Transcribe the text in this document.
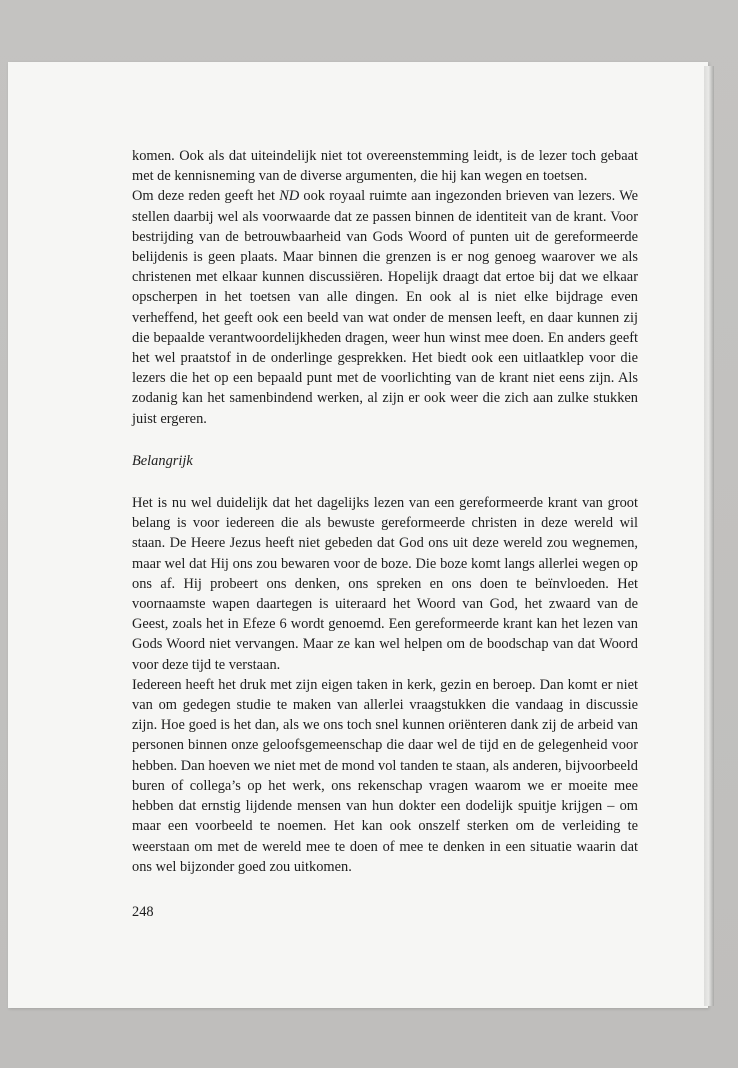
komen. Ook als dat uiteindelijk niet tot overeenstemming leidt, is de lezer toch gebaat met de kennisneming van de diverse argumenten, die hij kan wegen en toetsen.

Om deze reden geeft het ND ook royaal ruimte aan ingezonden brieven van lezers. We stellen daarbij wel als voorwaarde dat ze passen binnen de identiteit van de krant. Voor bestrijding van de betrouwbaarheid van Gods Woord of punten uit de gereformeerde belijdenis is geen plaats. Maar binnen die grenzen is er nog genoeg waarover we als christenen met elkaar kunnen discussiëren. Hopelijk draagt dat ertoe bij dat we elkaar opscherpen in het toetsen van alle dingen. En ook al is niet elke bijdrage even verheffend, het geeft ook een beeld van wat onder de mensen leeft, en daar kunnen zij die bepaalde verantwoordelijkheden dragen, weer hun winst mee doen. En anders geeft het wel praatstof in de onderlinge gesprekken. Het biedt ook een uitlaatklep voor die lezers die het op een bepaald punt met de voorlichting van de krant niet eens zijn. Als zodanig kan het samenbindend werken, al zijn er ook weer die zich aan zulke stukken juist ergeren.

Belangrijk

Het is nu wel duidelijk dat het dagelijks lezen van een gereformeerde krant van groot belang is voor iedereen die als bewuste gereformeerde christen in deze wereld wil staan. De Heere Jezus heeft niet gebeden dat God ons uit deze wereld zou wegnemen, maar wel dat Hij ons zou bewaren voor de boze. Die boze komt langs allerlei wegen op ons af. Hij probeert ons denken, ons spreken en ons doen te beïnvloeden. Het voornaamste wapen daartegen is uiteraard het Woord van God, het zwaard van de Geest, zoals het in Efeze 6 wordt genoemd. Een gereformeerde krant kan het lezen van Gods Woord niet vervangen. Maar ze kan wel helpen om de boodschap van dat Woord voor deze tijd te verstaan.

Iedereen heeft het druk met zijn eigen taken in kerk, gezin en beroep. Dan komt er niet van om gedegen studie te maken van allerlei vraagstukken die vandaag in discussie zijn. Hoe goed is het dan, als we ons toch snel kunnen oriënteren dank zij de arbeid van personen binnen onze geloofsgemeenschap die daar wel de tijd en de gelegenheid voor hebben. Dan hoeven we niet met de mond vol tanden te staan, als anderen, bijvoorbeeld buren of collega’s op het werk, ons rekenschap vragen waarom we er moeite mee hebben dat ernstig lijdende mensen van hun dokter een dodelijk spuitje krijgen – om maar een voorbeeld te noemen. Het kan ook onszelf sterken om de verleiding te weerstaan om met de wereld mee te doen of mee te denken in een situatie waarin dat ons wel bijzonder goed zou uitkomen.

248
